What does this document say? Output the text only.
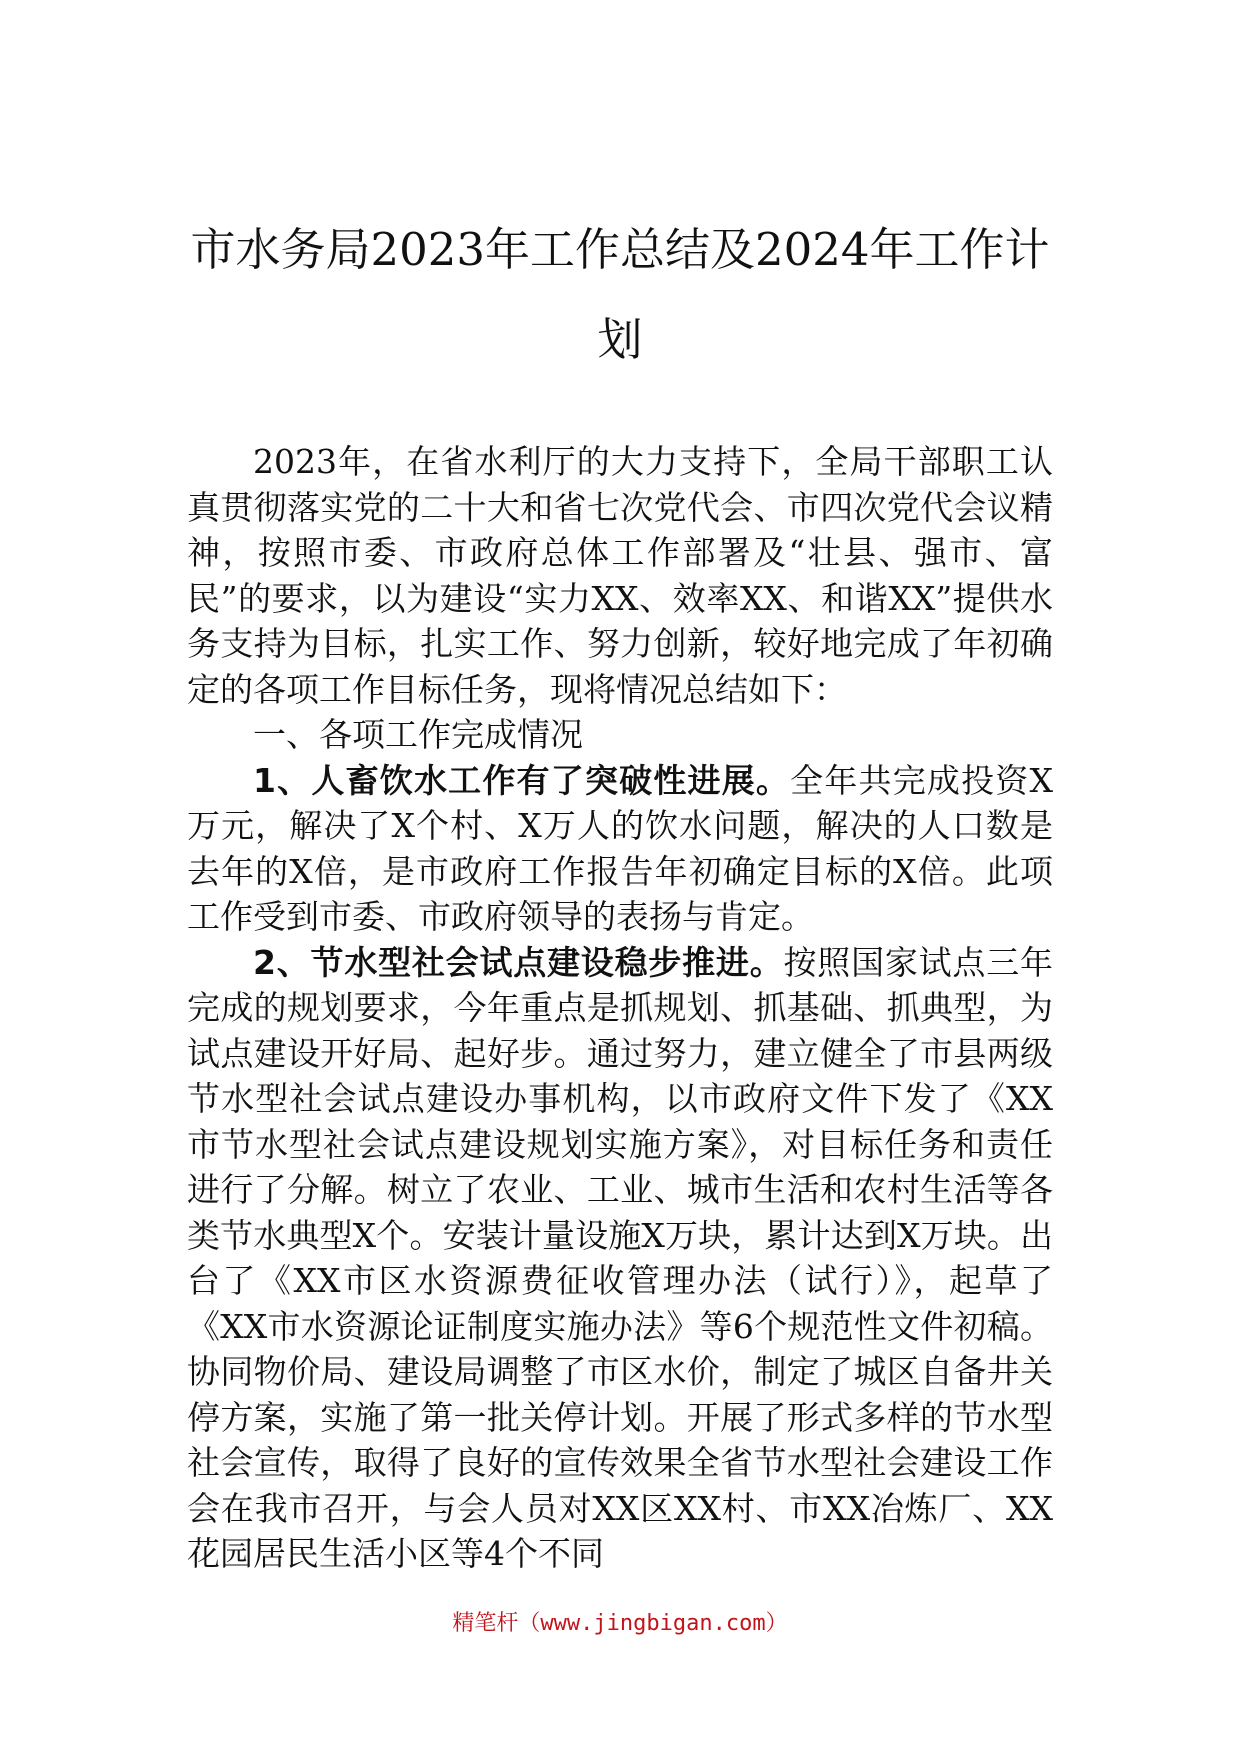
市水务局2023年工作总结及2024年工作计划

2023年，在省水利厅的大力支持下，全局干部职工认真贯彻落实党的二十大和省七次党代会、市四次党代会议精神，按照市委、市政府总体工作部署及“壮县、强市、富民”的要求，以为建设“实力XX、效率XX、和谐XX”提供水务支持为目标，扎实工作、努力创新，较好地完成了年初确定的各项工作目标任务，现将情况总结如下：

一、各项工作完成情况

1、人畜饮水工作有了突破性进展。全年共完成投资X万元，解决了X个村、X万人的饮水问题，解决的人口数是去年的X倍，是市政府工作报告年初确定目标的X倍。此项工作受到市委、市政府领导的表扬与肯定。

2、节水型社会试点建设稳步推进。按照国家试点三年完成的规划要求，今年重点是抓规划、抓基础、抓典型，为试点建设开好局、起好步。通过努力，建立健全了市县两级节水型社会试点建设办事机构，以市政府文件下发了《XX市节水型社会试点建设规划实施方案》，对目标任务和责任进行了分解。树立了农业、工业、城市生活和农村生活等各类节水典型X个。安装计量设施X万块，累计达到X万块。出台了《XX市区水资源费征收管理办法（试行）》，起草了《XX市水资源论证制度实施办法》等6个规范性文件初稿。协同物价局、建设局调整了市区水价，制定了城区自备井关停方案，实施了第一批关停计划。开展了形式多样的节水型社会宣传，取得了良好的宣传效果全省节水型社会建设工作会在我市召开，与会人员对XX区XX村、市XX冶炼厂、XX花园居民生活小区等4个不同

精笔杆（www.jingbigan.com）
